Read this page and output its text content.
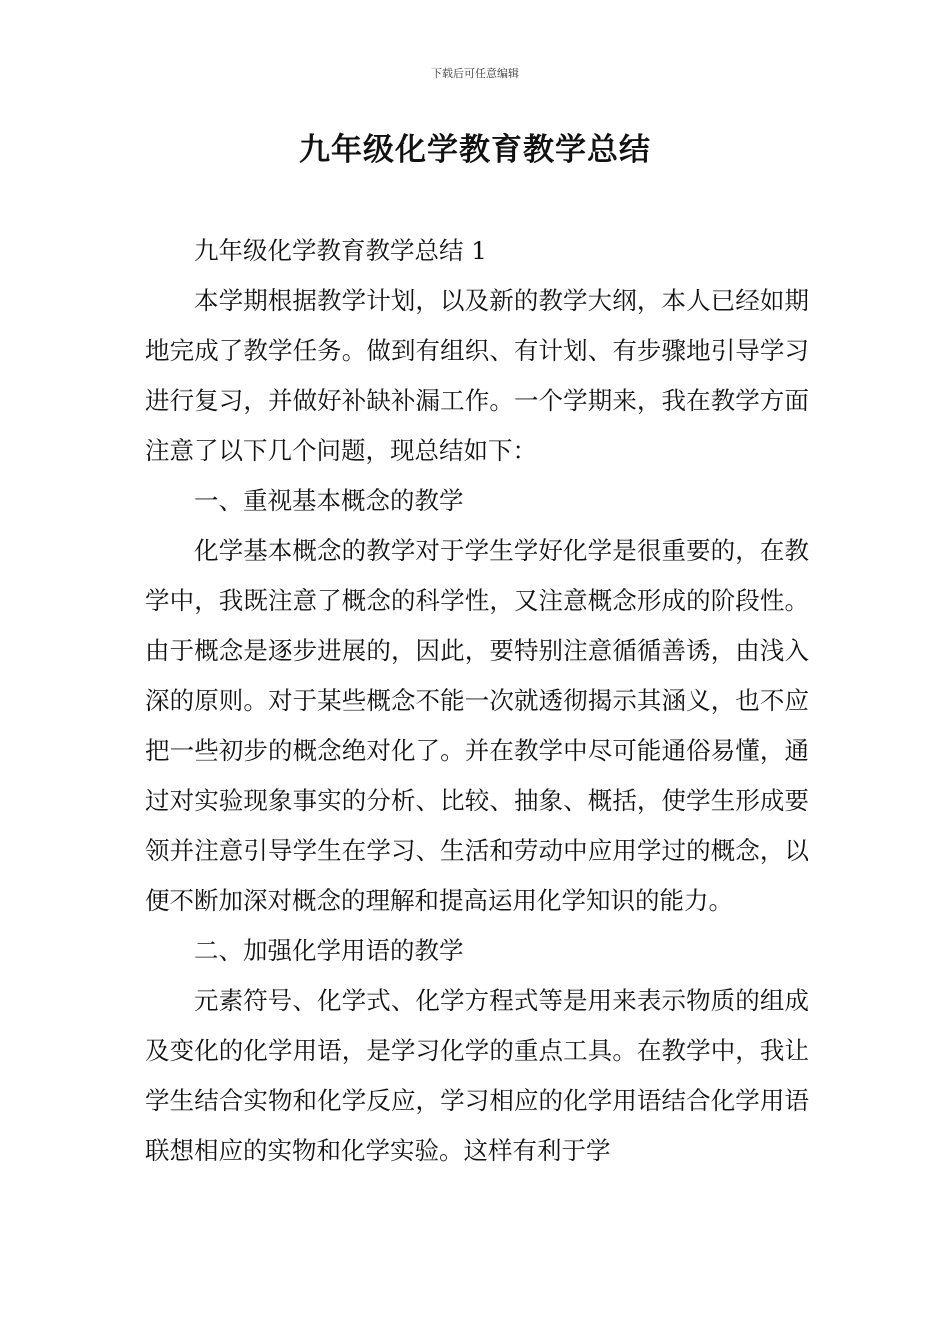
下载后可任意编辑
九年级化学教育教学总结

九年级化学教育教学总结 1

本学期根据教学计划，以及新的教学大纲，本人已经如期地完成了教学任务。做到有组织、有计划、有步骤地引导学习进行复习，并做好补缺补漏工作。一个学期来，我在教学方面注意了以下几个问题，现总结如下：

一、重视基本概念的教学

化学基本概念的教学对于学生学好化学是很重要的，在教学中，我既注意了概念的科学性，又注意概念形成的阶段性。由于概念是逐步进展的，因此，要特别注意循循善诱，由浅入深的原则。对于某些概念不能一次就透彻揭示其涵义，也不应把一些初步的概念绝对化了。并在教学中尽可能通俗易懂，通过对实验现象事实的分析、比较、抽象、概括，使学生形成要领并注意引导学生在学习、生活和劳动中应用学过的概念，以便不断加深对概念的理解和提高运用化学知识的能力。

二、加强化学用语的教学

元素符号、化学式、化学方程式等是用来表示物质的组成及变化的化学用语，是学习化学的重点工具。在教学中，我让学生结合实物和化学反应，学习相应的化学用语结合化学用语联想相应的实物和化学实验。这样有利于学
